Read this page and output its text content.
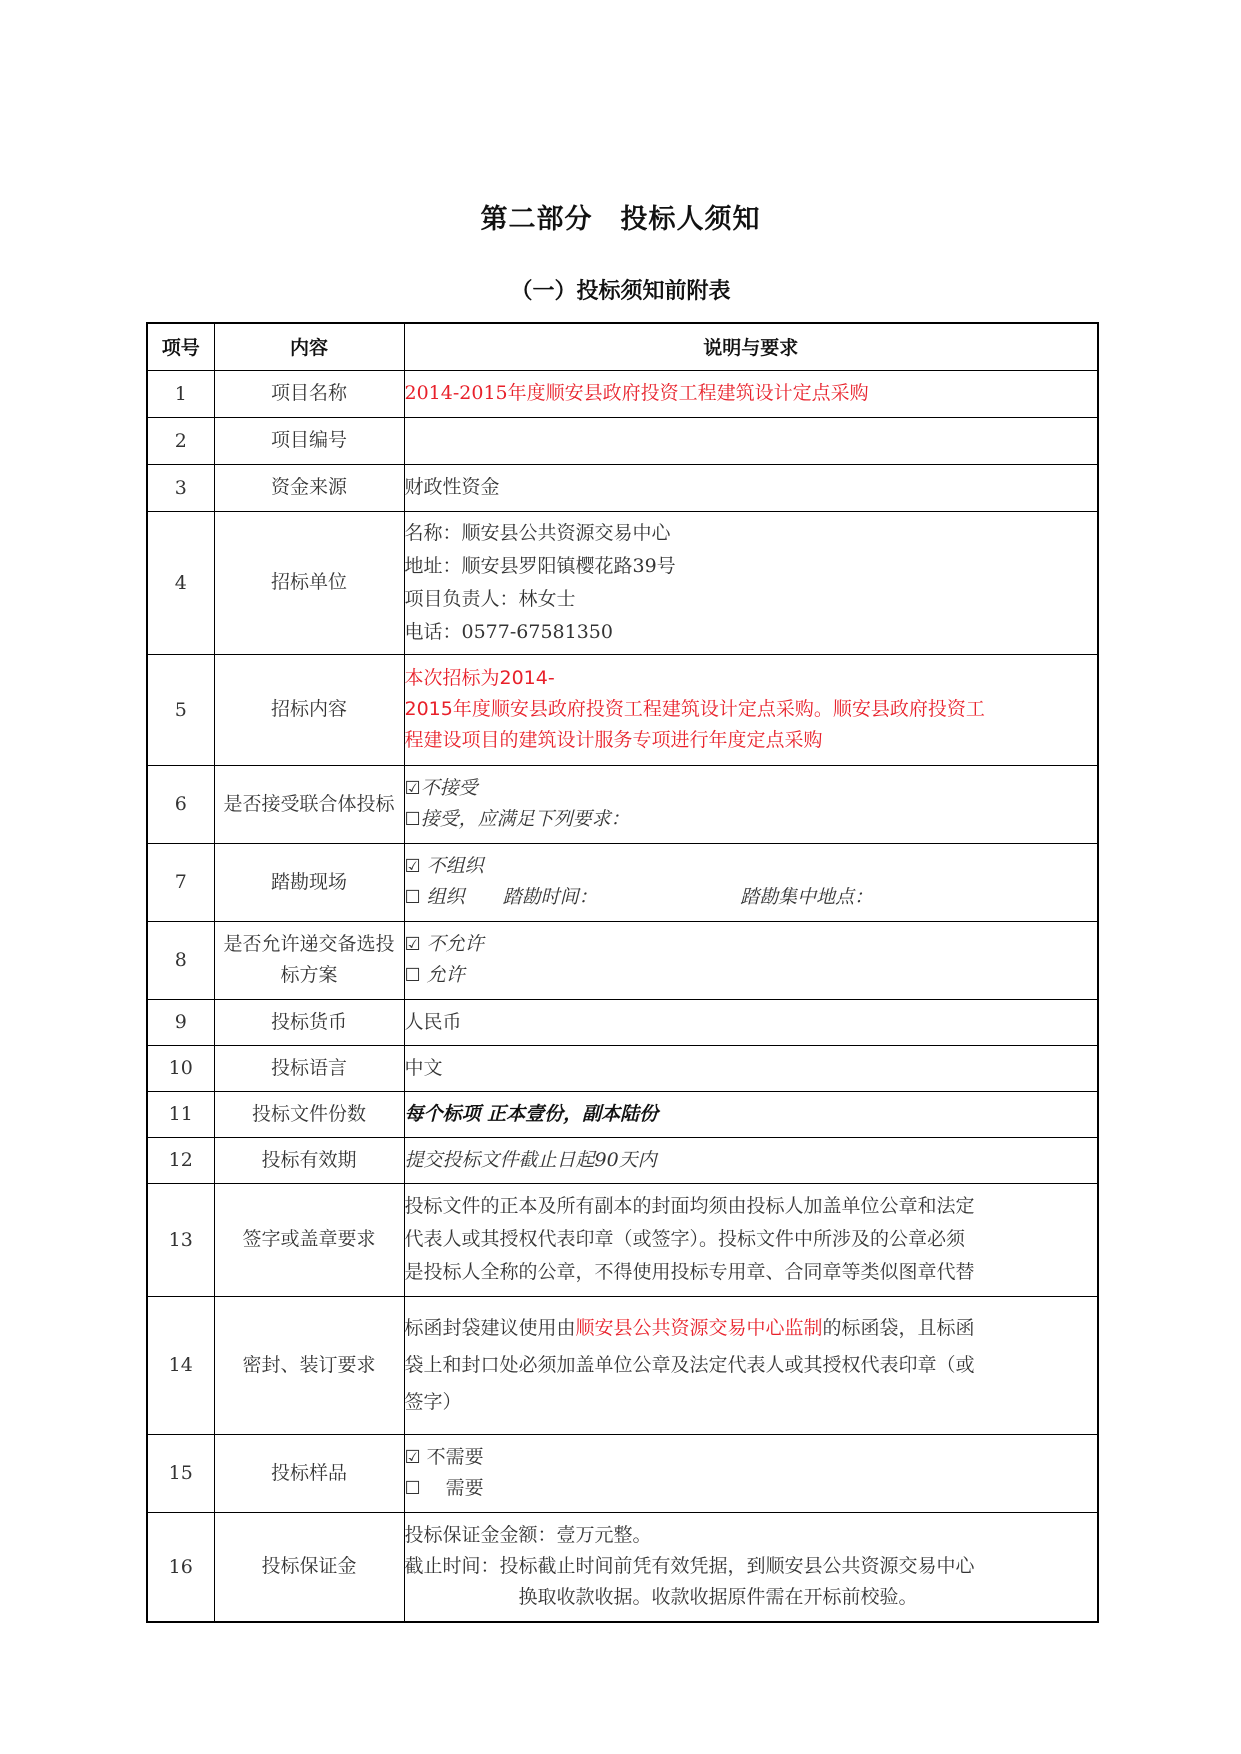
第二部分　投标人须知
（一）投标须知前附表
项号	内容	说明与要求
1	项目名称	2014-2015年度顺安县政府投资工程建筑设计定点采购

2	项目编号	

3	资金来源	财政性资金

4	招标单位	名称：顺安县公共资源交易中心
地址：顺安县罗阳镇樱花路39号
项目负责人：林女士
电话：0577-67581350

5	招标内容	本次招标为2014-
2015年度顺安县政府投资工程建筑设计定点采购。顺安县政府投资工
程建设项目的建筑设计服务专项进行年度定点采购

6	是否接受联合体投标	☑不接受
☐接受，应满足下列要求：

7	踏勘现场	☑ 不组织
☐ 组织　　踏勘时间：　　　　　　　　踏勘集中地点：

8	是否允许递交备选投标方案	☑ 不允许
☐ 允许

9	投标货币	人民币

10	投标语言	中文

11	投标文件份数	每个标项 正本壹份，副本陆份

12	投标有效期	提交投标文件截止日起90天内

13	签字或盖章要求	投标文件的正本及所有副本的封面均须由投标人加盖单位公章和法定
代表人或其授权代表印章（或签字）。投标文件中所涉及的公章必须
是投标人全称的公章，不得使用投标专用章、合同章等类似图章代替

14	密封、装订要求	标函封袋建议使用由顺安县公共资源交易中心监制的标函袋，且标函
袋上和封口处必须加盖单位公章及法定代表人或其授权代表印章（或
签字）

15	投标样品	☑ 不需要
☐　 需要

16	投标保证金	投标保证金金额：壹万元整。
截止时间：投标截止时间前凭有效凭据，到顺安县公共资源交易中心
换取收款收据。收款收据原件需在开标前校验。
